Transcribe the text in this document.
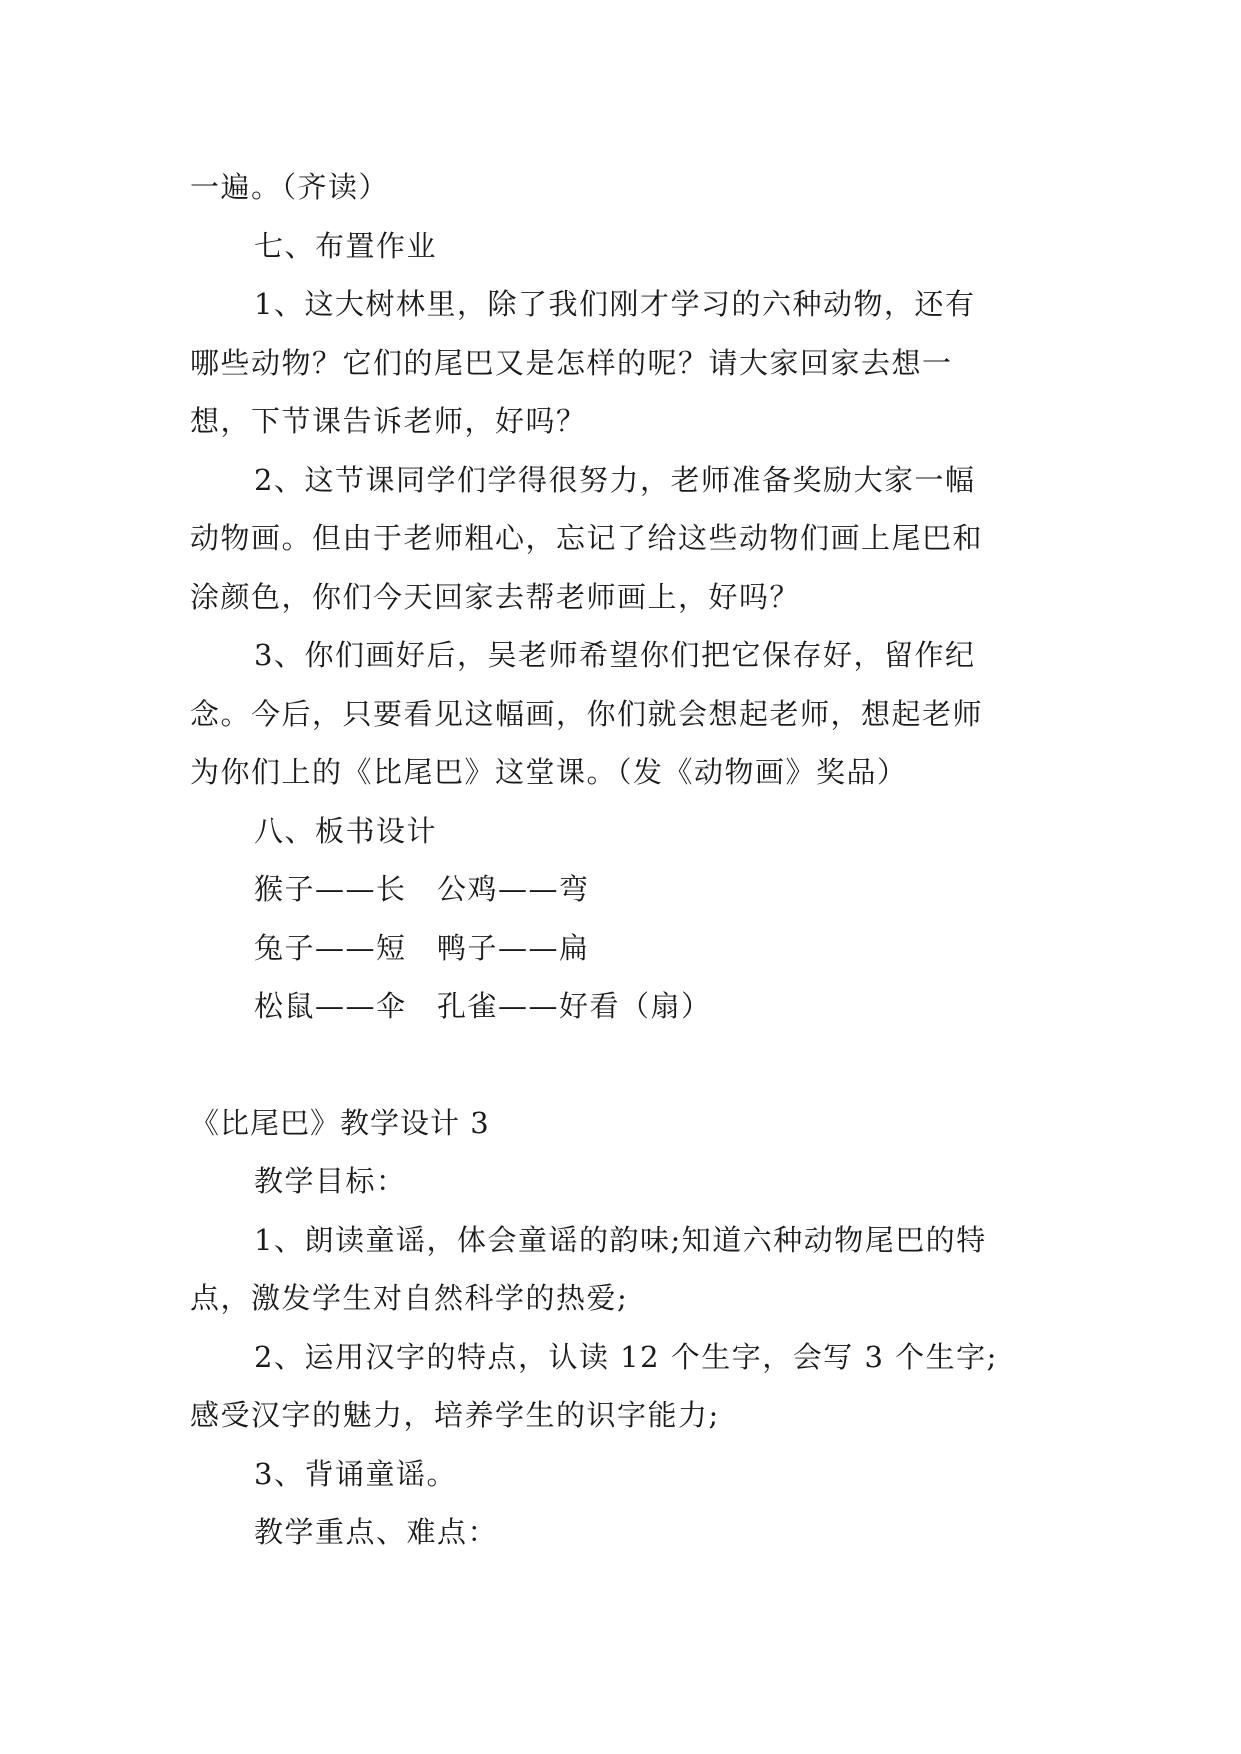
一遍。（齐读）
七、布置作业
1、这大树林里，除了我们刚才学习的六种动物，还有
哪些动物？它们的尾巴又是怎样的呢？请大家回家去想一
想，下节课告诉老师，好吗？
2、这节课同学们学得很努力，老师准备奖励大家一幅
动物画。但由于老师粗心，忘记了给这些动物们画上尾巴和
涂颜色，你们今天回家去帮老师画上，好吗？
3、你们画好后，吴老师希望你们把它保存好，留作纪
念。今后，只要看见这幅画，你们就会想起老师，想起老师
为你们上的《比尾巴》这堂课。（发《动物画》奖品）
八、板书设计
猴子——长　公鸡——弯
兔子——短　鸭子——扁
松鼠——伞　孔雀——好看（扇）
《比尾巴》教学设计 3
教学目标：
1、朗读童谣，体会童谣的韵味;知道六种动物尾巴的特
点，激发学生对自然科学的热爱;
2、运用汉字的特点，认读 12 个生字，会写 3 个生字;
感受汉字的魅力，培养学生的识字能力;
3、背诵童谣。
教学重点、难点：
